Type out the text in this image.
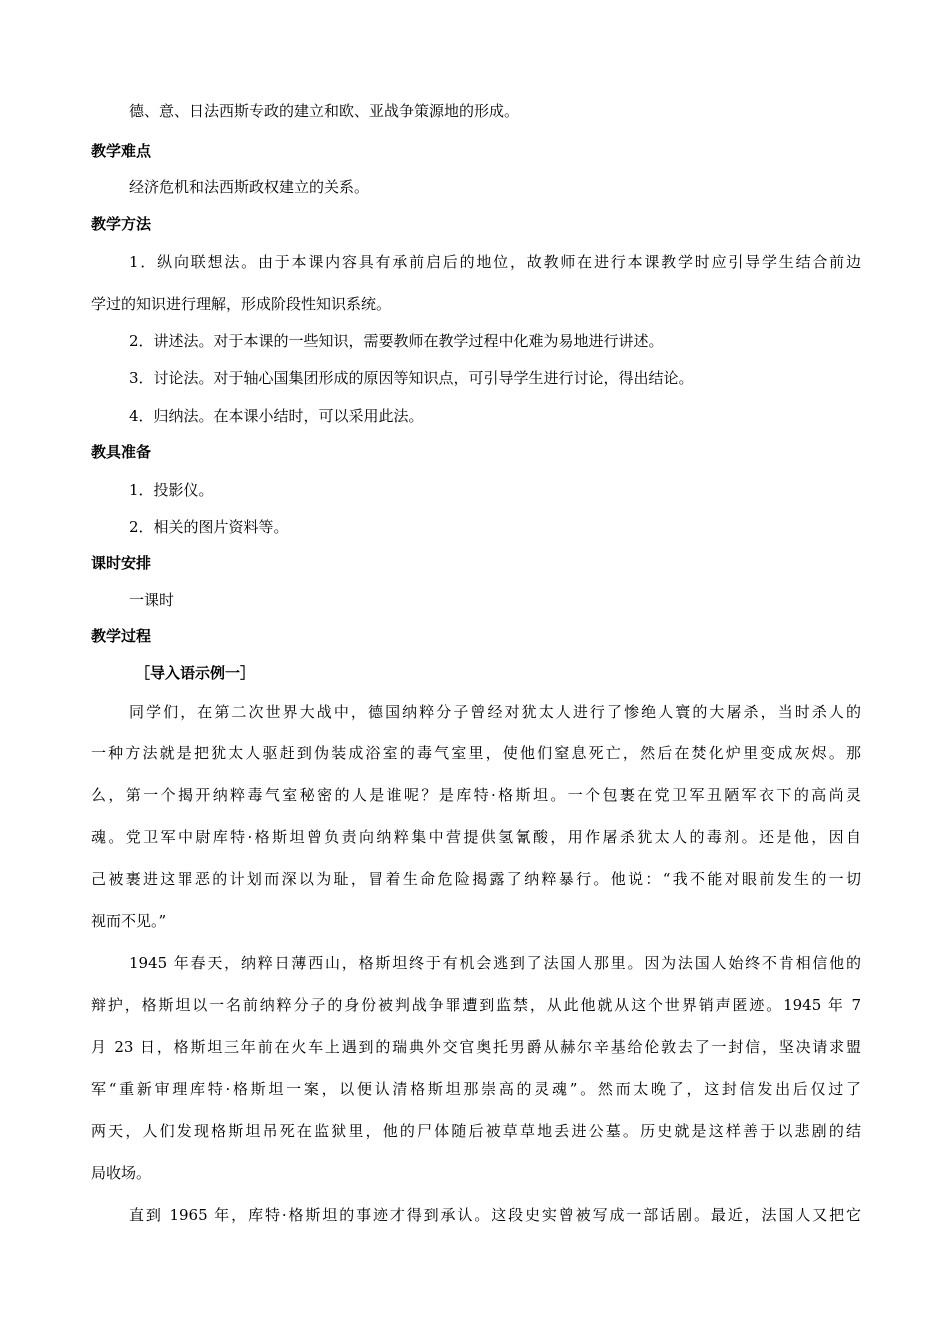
德、意、日法西斯专政的建立和欧、亚战争策源地的形成。
教学难点
经济危机和法西斯政权建立的关系。
教学方法
1．纵向联想法。由于本课内容具有承前启后的地位，故教师在进行本课教学时应引导学生结合前边
学过的知识进行理解，形成阶段性知识系统。
2．讲述法。对于本课的一些知识，需要教师在教学过程中化难为易地进行讲述。
3．讨论法。对于轴心国集团形成的原因等知识点，可引导学生进行讨论，得出结论。
4．归纳法。在本课小结时，可以采用此法。
教具准备
1．投影仪。
2．相关的图片资料等。
课时安排
一课时
教学过程
［导入语示例一］
同学们，在第二次世界大战中，德国纳粹分子曾经对犹太人进行了惨绝人寰的大屠杀，当时杀人的
一种方法就是把犹太人驱赶到伪装成浴室的毒气室里，使他们窒息死亡，然后在焚化炉里变成灰烬。那
么，第一个揭开纳粹毒气室秘密的人是谁呢？是库特·格斯坦。一个包裹在党卫军丑陋军衣下的高尚灵
魂。党卫军中尉库特·格斯坦曾负责向纳粹集中营提供氢氰酸，用作屠杀犹太人的毒剂。还是他，因自
己被裹进这罪恶的计划而深以为耻，冒着生命危险揭露了纳粹暴行。他说：“我不能对眼前发生的一切
视而不见。”
1945 年春天，纳粹日薄西山，格斯坦终于有机会逃到了法国人那里。因为法国人始终不肯相信他的
辩护，格斯坦以一名前纳粹分子的身份被判战争罪遭到监禁，从此他就从这个世界销声匿迹。1945 年 7
月 23 日，格斯坦三年前在火车上遇到的瑞典外交官奥托男爵从赫尔辛基给伦敦去了一封信，坚决请求盟
军“重新审理库特·格斯坦一案，以便认清格斯坦那崇高的灵魂”。然而太晚了，这封信发出后仅过了
两天，人们发现格斯坦吊死在监狱里，他的尸体随后被草草地丢进公墓。历史就是这样善于以悲剧的结
局收场。
直到 1965 年，库特·格斯坦的事迹才得到承认。这段史实曾被写成一部话剧。最近，法国人又把它
